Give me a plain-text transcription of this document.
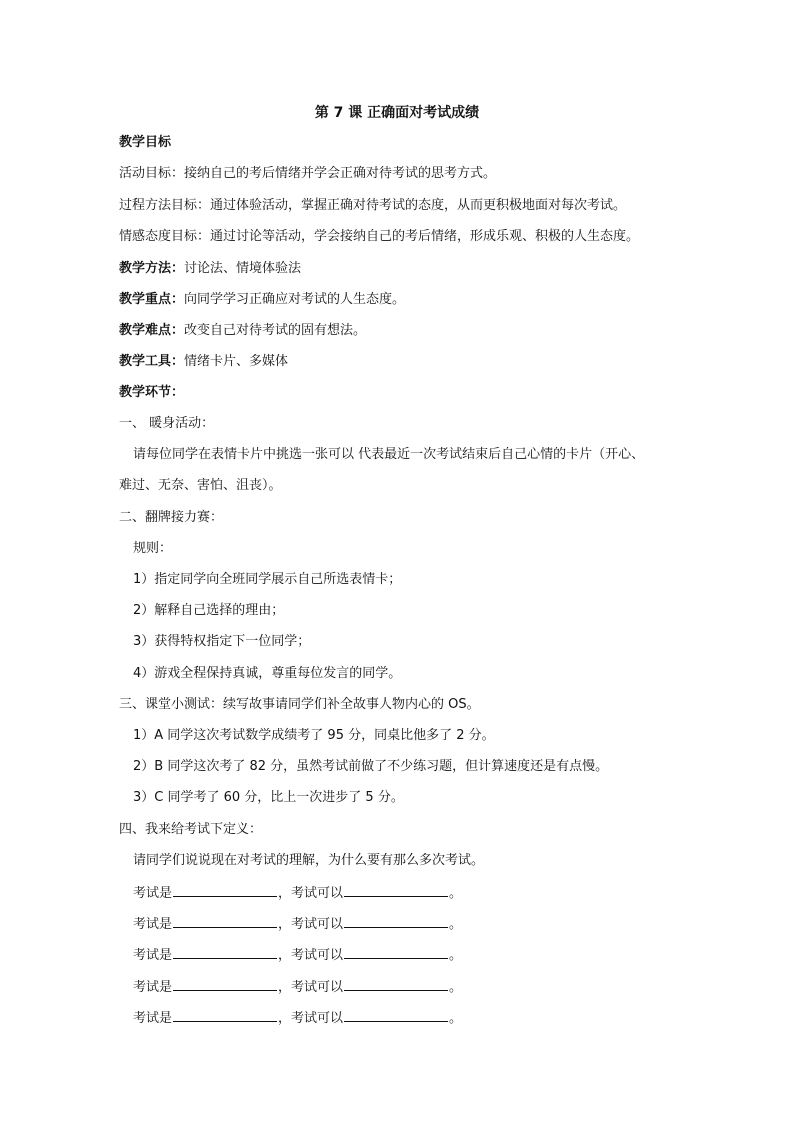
第 7 课 正确面对考试成绩
教学目标
活动目标：接纳自己的考后情绪并学会正确对待考试的思考方式。
过程方法目标：通过体验活动，掌握正确对待考试的态度，从而更积极地面对每次考试。
情感态度目标：通过讨论等活动，学会接纳自己的考后情绪，形成乐观、积极的人生态度。
教学方法：讨论法、情境体验法
教学重点：向同学学习正确应对考试的人生态度。
教学难点：改变自己对待考试的固有想法。
教学工具：情绪卡片、多媒体
教学环节：
一、 暖身活动：
请每位同学在表情卡片中挑选一张可以 代表最近一次考试结束后自己心情的卡片（开心、
难过、无奈、害怕、沮丧）。
二、翻牌接力赛：
规则：
1）指定同学向全班同学展示自己所选表情卡；
2）解释自己选择的理由；
3）获得特权指定下一位同学；
4）游戏全程保持真诚，尊重每位发言的同学。
三、课堂小测试：续写故事请同学们补全故事人物内心的 OS。
1）A 同学这次考试数学成绩考了 95 分，同桌比他多了 2 分。
2）B 同学这次考了 82 分，虽然考试前做了不少练习题，但计算速度还是有点慢。
3）C 同学考了 60 分，比上一次进步了 5 分。
四、我来给考试下定义：
请同学们说说现在对考试的理解，为什么要有那么多次考试。
考试是	，考试可以	。
考试是	，考试可以	。
考试是	，考试可以	。
考试是	，考试可以	。
考试是	，考试可以	。
